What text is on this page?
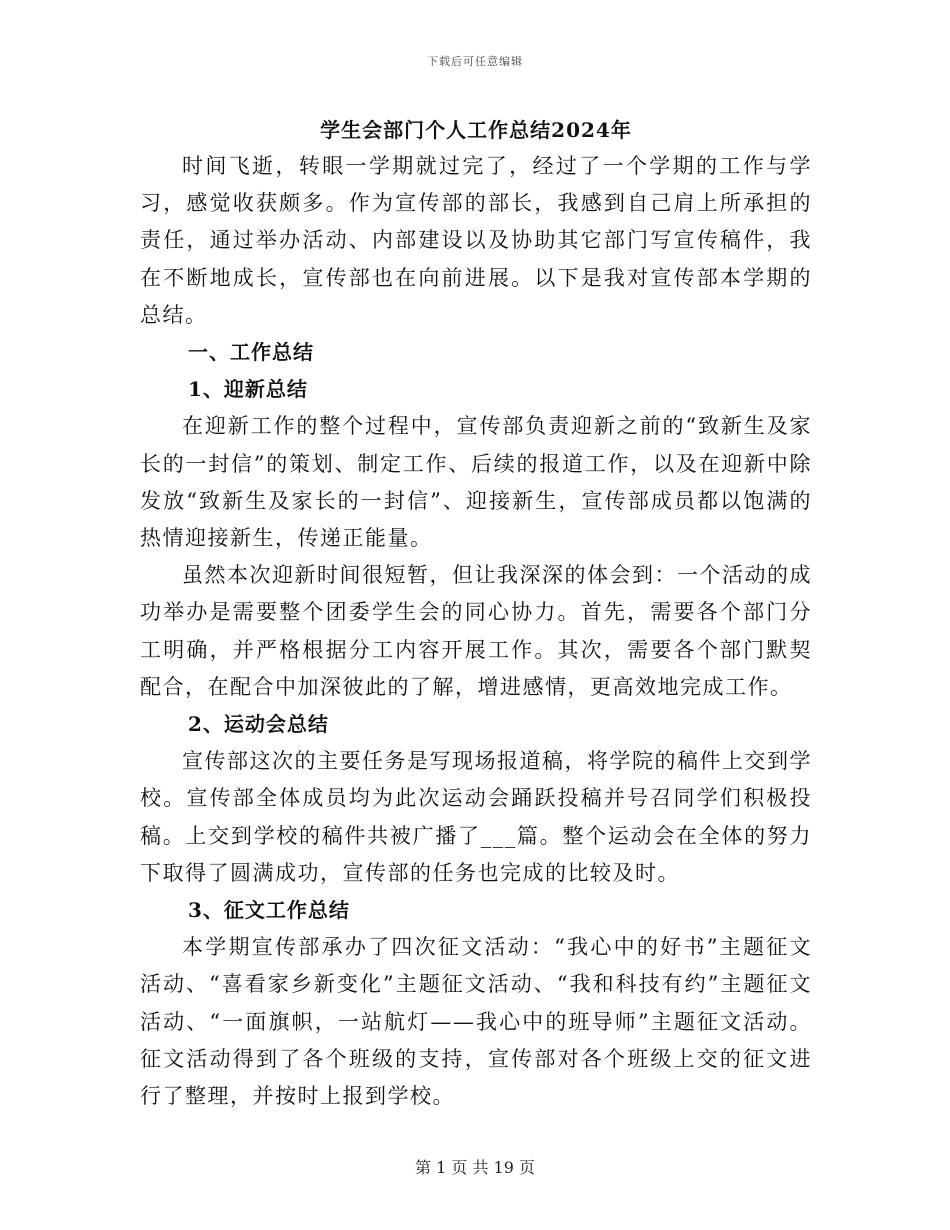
下载后可任意编辑
学生会部门个人工作总结2024年

时间飞逝，转眼一学期就过完了，经过了一个学期的工作与学习，感觉收获颇多。作为宣传部的部长，我感到自己肩上所承担的责任，通过举办活动、内部建设以及协助其它部门写宣传稿件，我在不断地成长，宣传部也在向前进展。以下是我对宣传部本学期的总结。

一、工作总结

1、迎新总结

在迎新工作的整个过程中，宣传部负责迎新之前的“致新生及家长的一封信”的策划、制定工作、后续的报道工作，以及在迎新中除发放“致新生及家长的一封信”、迎接新生，宣传部成员都以饱满的热情迎接新生，传递正能量。

虽然本次迎新时间很短暂，但让我深深的体会到：一个活动的成功举办是需要整个团委学生会的同心协力。首先，需要各个部门分工明确，并严格根据分工内容开展工作。其次，需要各个部门默契配合，在配合中加深彼此的了解，增进感情，更高效地完成工作。

2、运动会总结

宣传部这次的主要任务是写现场报道稿，将学院的稿件上交到学校。宣传部全体成员均为此次运动会踊跃投稿并号召同学们积极投稿。上交到学校的稿件共被广播了___篇。整个运动会在全体的努力下取得了圆满成功，宣传部的任务也完成的比较及时。

3、征文工作总结

本学期宣传部承办了四次征文活动：“我心中的好书”主题征文活动、“喜看家乡新变化”主题征文活动、“我和科技有约”主题征文活动、“一面旗帜，一站航灯——我心中的班导师”主题征文活动。征文活动得到了各个班级的支持，宣传部对各个班级上交的征文进行了整理，并按时上报到学校。

第 1 页 共 19 页
